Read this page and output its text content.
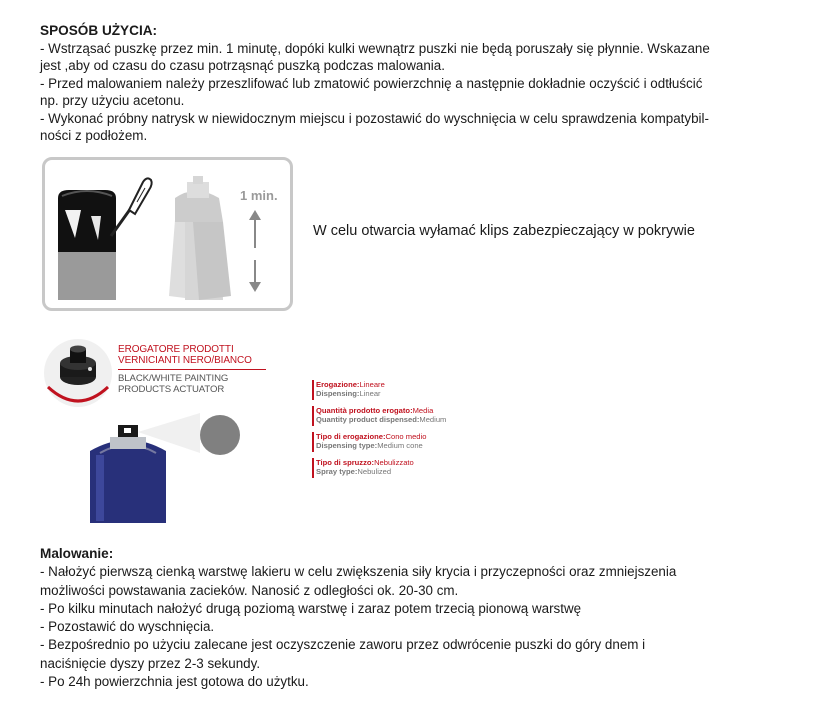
SPOSÓB UŻYCIA:

- Wstrząsać puszkę przez min. 1 minutę, dopóki kulki wewnątrz puszki nie będą poruszały się płynnie. Wskazane
jest ,aby od czasu do czasu potrząsnąć puszką podczas malowania.

- Przed malowaniem należy przeszlifować lub zmatowić powierzchnię a następnie dokładnie oczyścić i odtłuścić
np. przy użyciu acetonu.

- Wykonać próbny natrysk w niewidocznym miejscu i pozostawić do wyschnięcia w celu sprawdzenia kompatybil-
ności z podłożem.

1 min.
W celu otwarcia wyłamać klips zabezpieczający w pokrywie
EROGATORE PRODOTTI
VERNICIANTI NERO/BIANCO
BLACK/WHITE PAINTING
PRODUCTS ACTUATOR	Erogazione:Lineare
Dispensing:Linear
Quantità prodotto erogato:Media
Quantity product dispensed:Medium
Tipo di erogazione:Cono medio
Dispensing type:Medium cone
Tipo di spruzzo:Nebulizzato
Spray type:Nebulized
Malowanie:

- Nałożyć pierwszą cienką warstwę lakieru w celu zwiększenia siły krycia i przyczepności oraz zmniejszenia
możliwości powstawania zacieków. Nanosić z odległości ok. 20-30 cm.

- Po kilku minutach nałożyć drugą poziomą warstwę i zaraz potem trzecią pionową warstwę

- Pozostawić do wyschnięcia.

- Bezpośrednio po użyciu zalecane jest oczyszczenie zaworu przez odwrócenie puszki do góry dnem i
naciśnięcie dyszy przez 2-3 sekundy.

- Po 24h powierzchnia jest gotowa do użytku.
